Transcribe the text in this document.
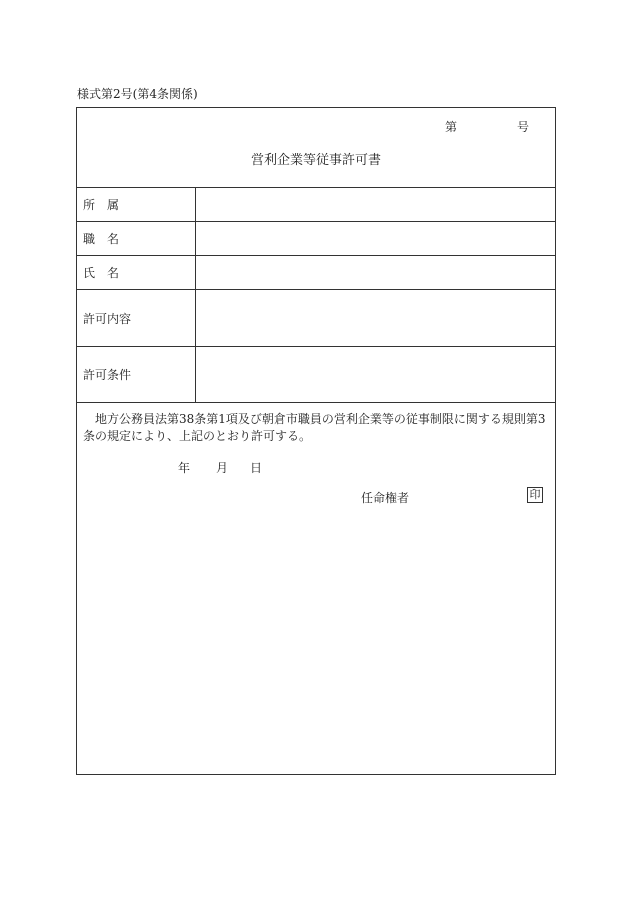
様式第2号(第4条関係)
第	号
営利企業等従事許可書
所　属
職　名
氏　名
許可内容
許可条件
地方公務員法第38条第1項及び朝倉市職員の営利企業等の従事制限に関する規則第3条の規定により、上記のとおり許可する。
年 月 日
任命権者	印
